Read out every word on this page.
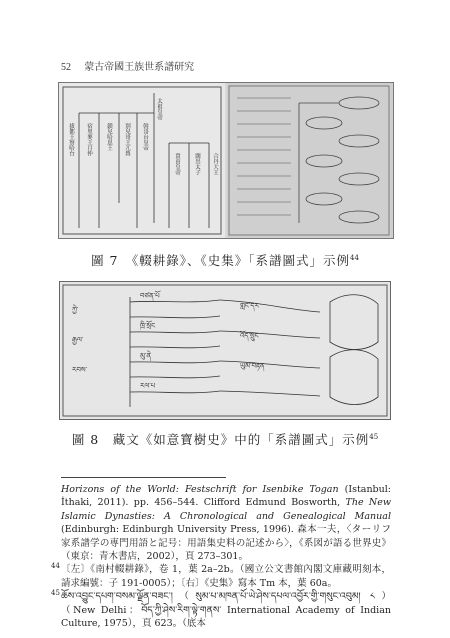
52 蒙古帝國王族世系譜研究
拔都王察哈台 宿里麥王月仲	鎖兒哈思王 別兒哥王兀魯 斡哥台皇帝
太祖皇帝
貴由皇帝	闊出太子 合丹大王
圖 7　《輟耕錄》、《史集》「系譜圖式」示例$^{44}$
ཀྱེ་
རྒྱལ་
རབས་
བཙན་པོ
ཁྲི་སྲོང
མུ་ནེ
རལ་པ
གླང་དར
འོད་སྲུང
ཡུམ་བརྟན
圖 8　藏文《如意寶樹史》中的「系譜圖式」示例$^{45}$

Horizons of the World: Festschrift for Isenbike Togan (Istanbul: İthaki, 2011). pp. 456–544. Clifford Edmund Bosworth, The New Islamic Dynasties: A Chronological and Genealogical Manual (Edinburgh: Edinburgh University Press, 1996). 森本一夫，〈ターリフ家系譜学の専門用語と記号：用語集史料の記述から〉，《系図が語る世界史》（東京：青木書店，2002），頁 273–301。

44 〔左〕《南村輟耕錄》，卷 1，葉 2a–2b。（國立公文書館內閣文庫藏明刻本，請求編號：子 191-0005）；〔右〕《史集》寫本 Tm 本，葉 60a。

45 ཆོས་འབྱུང་དཔག་བསམ་ལྗོན་བཟང་།（སུམ་པ་མཁན་པོ་ཡེ་ཤེས་དཔལ་འབྱོར་གྱི་གསུང་འབུམ། ༨）（New Delhi：བོད་ཀྱི་ཤེས་རིག་ལྟེ་གནས་ International Academy of Indian Culture, 1975），頁 623。（底本
